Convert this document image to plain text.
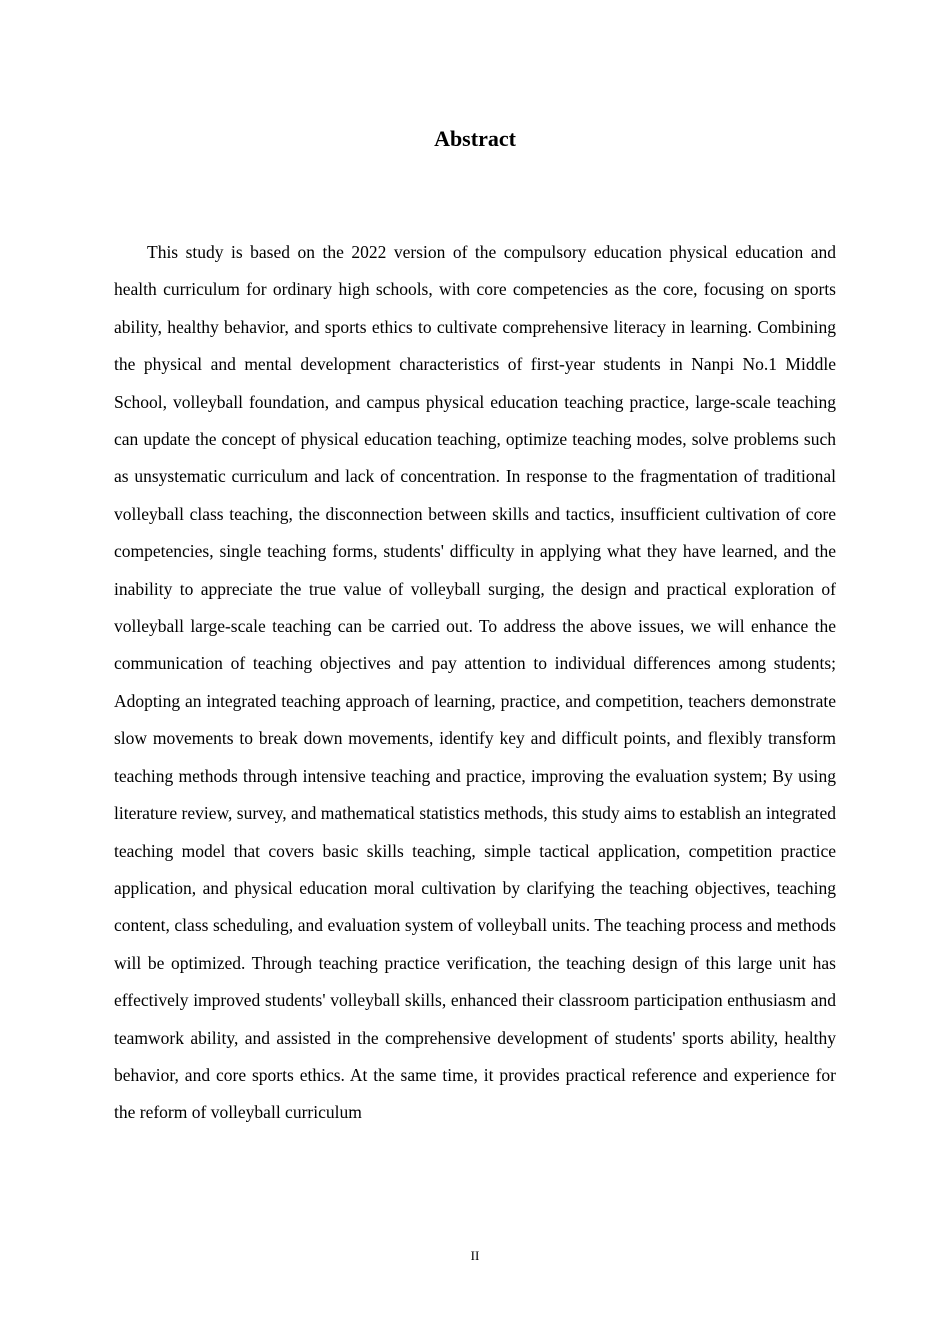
Abstract

This study is based on the 2022 version of the compulsory education physical education and health curriculum for ordinary high schools, with core competencies as the core, focusing on sports ability, healthy behavior, and sports ethics to cultivate comprehensive literacy in learning. Combining the physical and mental development characteristics of first-year students in Nanpi No.1 Middle School, volleyball foundation, and campus physical education teaching practice, large-scale teaching can update the concept of physical education teaching, optimize teaching modes, solve problems such as unsystematic curriculum and lack of concentration. In response to the fragmentation of traditional volleyball class teaching, the disconnection between skills and tactics, insufficient cultivation of core competencies, single teaching forms, students' difficulty in applying what they have learned, and the inability to appreciate the true value of volleyball surging, the design and practical exploration of volleyball large-scale teaching can be carried out. To address the above issues, we will enhance the communication of teaching objectives and pay attention to individual differences among students; Adopting an integrated teaching approach of learning, practice, and competition, teachers demonstrate slow movements to break down movements, identify key and difficult points, and flexibly transform teaching methods through intensive teaching and practice, improving the evaluation system; By using literature review, survey, and mathematical statistics methods, this study aims to establish an integrated teaching model that covers basic skills teaching, simple tactical application, competition practice application, and physical education moral cultivation by clarifying the teaching objectives, teaching content, class scheduling, and evaluation system of volleyball units. The teaching process and methods will be optimized. Through teaching practice verification, the teaching design of this large unit has effectively improved students' volleyball skills, enhanced their classroom participation enthusiasm and teamwork ability, and assisted in the comprehensive development of students' sports ability, healthy behavior, and core sports ethics. At the same time, it provides practical reference and experience for the reform of volleyball curriculum

II
